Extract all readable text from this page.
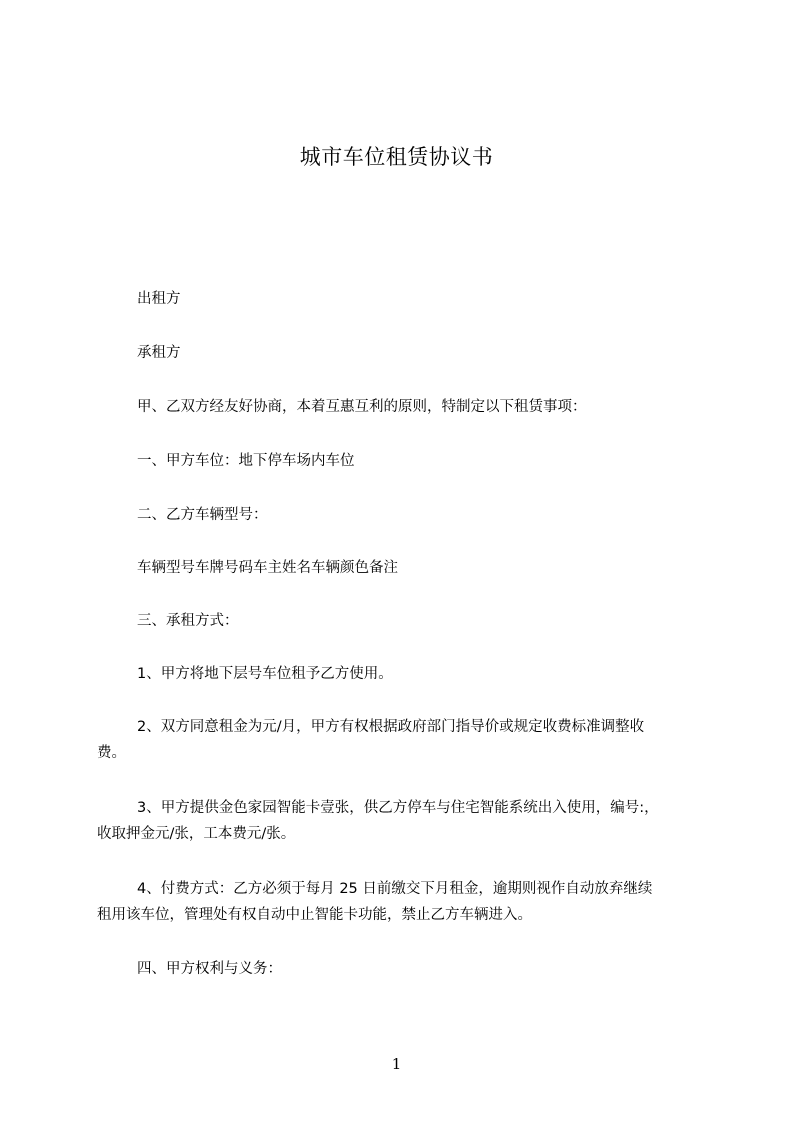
城市车位租赁协议书
出租方
承租方
甲、乙双方经友好协商，本着互惠互利的原则，特制定以下租赁事项：
一、甲方车位：地下停车场内车位
二、乙方车辆型号：
车辆型号车牌号码车主姓名车辆颜色备注
三、承租方式：
1、甲方将地下层号车位租予乙方使用。
2、双方同意租金为元/月，甲方有权根据政府部门指导价或规定收费标准调整收
费。
3、甲方提供金色家园智能卡壹张，供乙方停车与住宅智能系统出入使用，编号:，
收取押金元/张，工本费元/张。
4、付费方式：乙方必须于每月 25 日前缴交下月租金，逾期则视作自动放弃继续
租用该车位，管理处有权自动中止智能卡功能，禁止乙方车辆进入。
四、甲方权利与义务：
1
